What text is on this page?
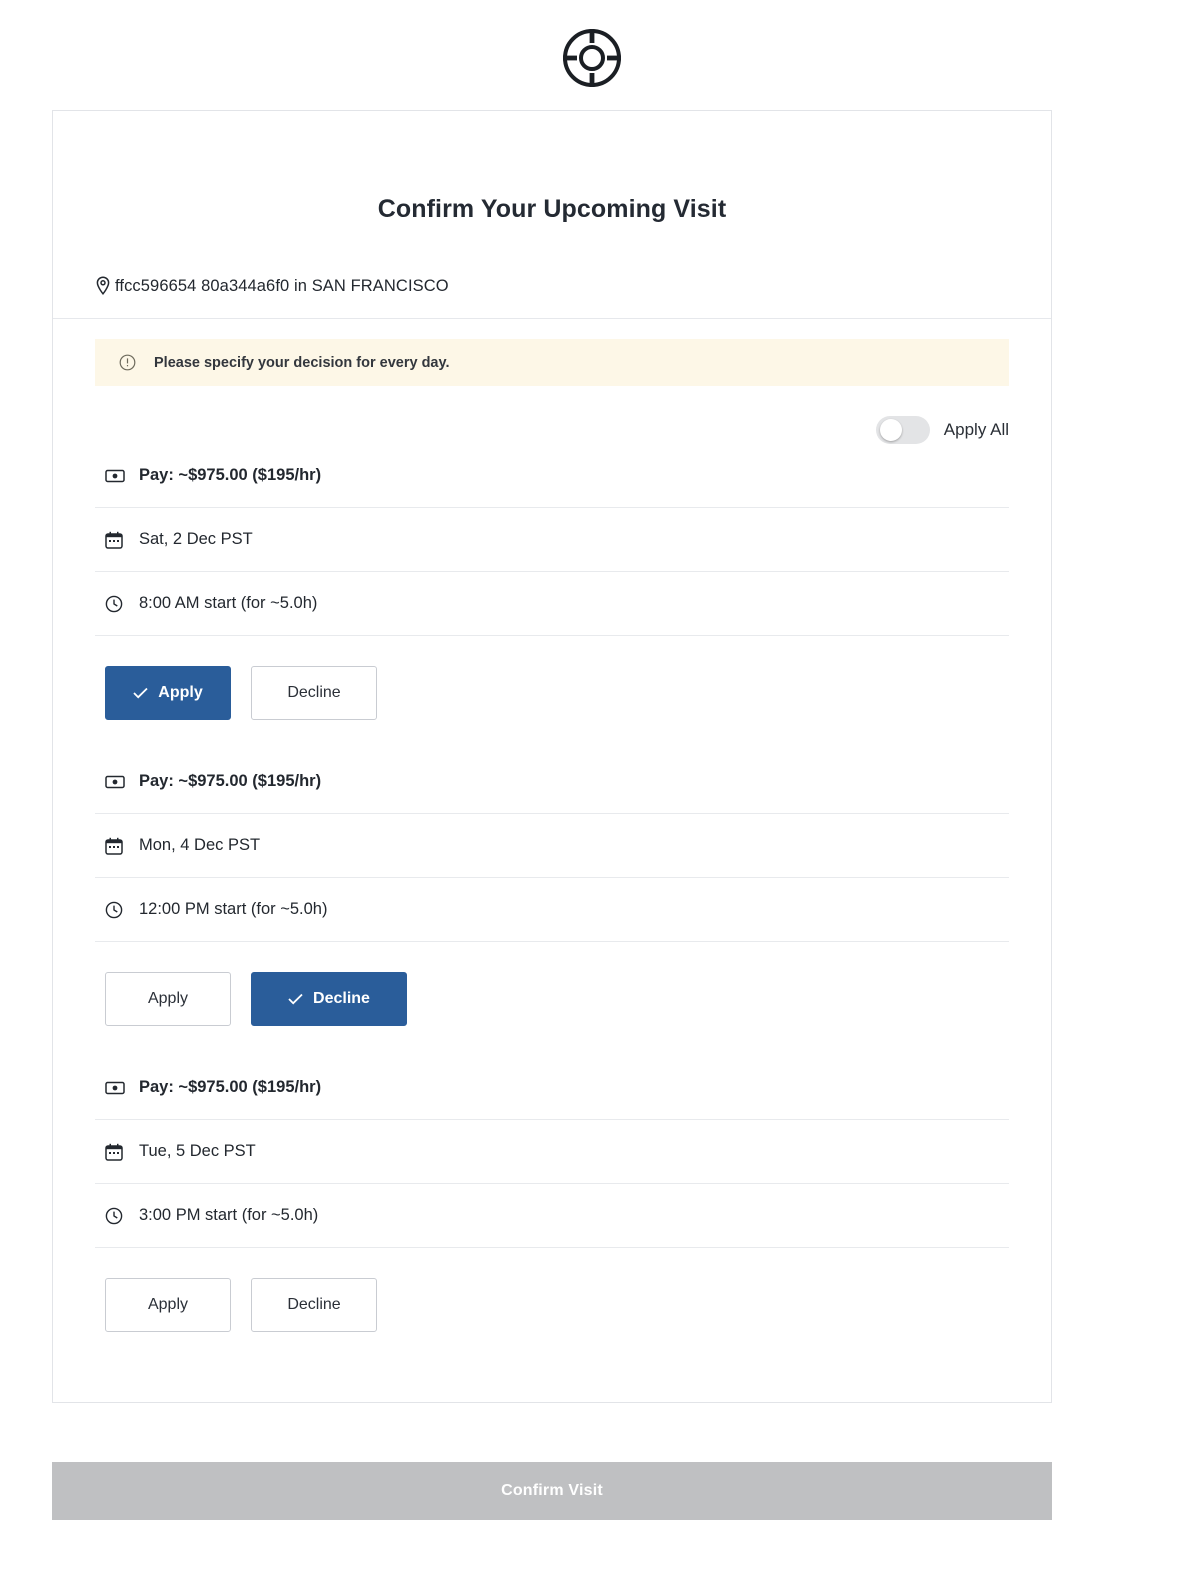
Confirm Your Upcoming Visit
ffcc596654 80a344a6f0 in SAN FRANCISCO
Please specify your decision for every day.
Apply All
Pay: ~$975.00 ($195/hr)
Sat, 2 Dec PST
8:00 AM start (for ~5.0h)
Apply	Decline
Pay: ~$975.00 ($195/hr)
Mon, 4 Dec PST
12:00 PM start (for ~5.0h)
Apply	Decline
Pay: ~$975.00 ($195/hr)
Tue, 5 Dec PST
3:00 PM start (for ~5.0h)
Apply	Decline
Confirm Visit
